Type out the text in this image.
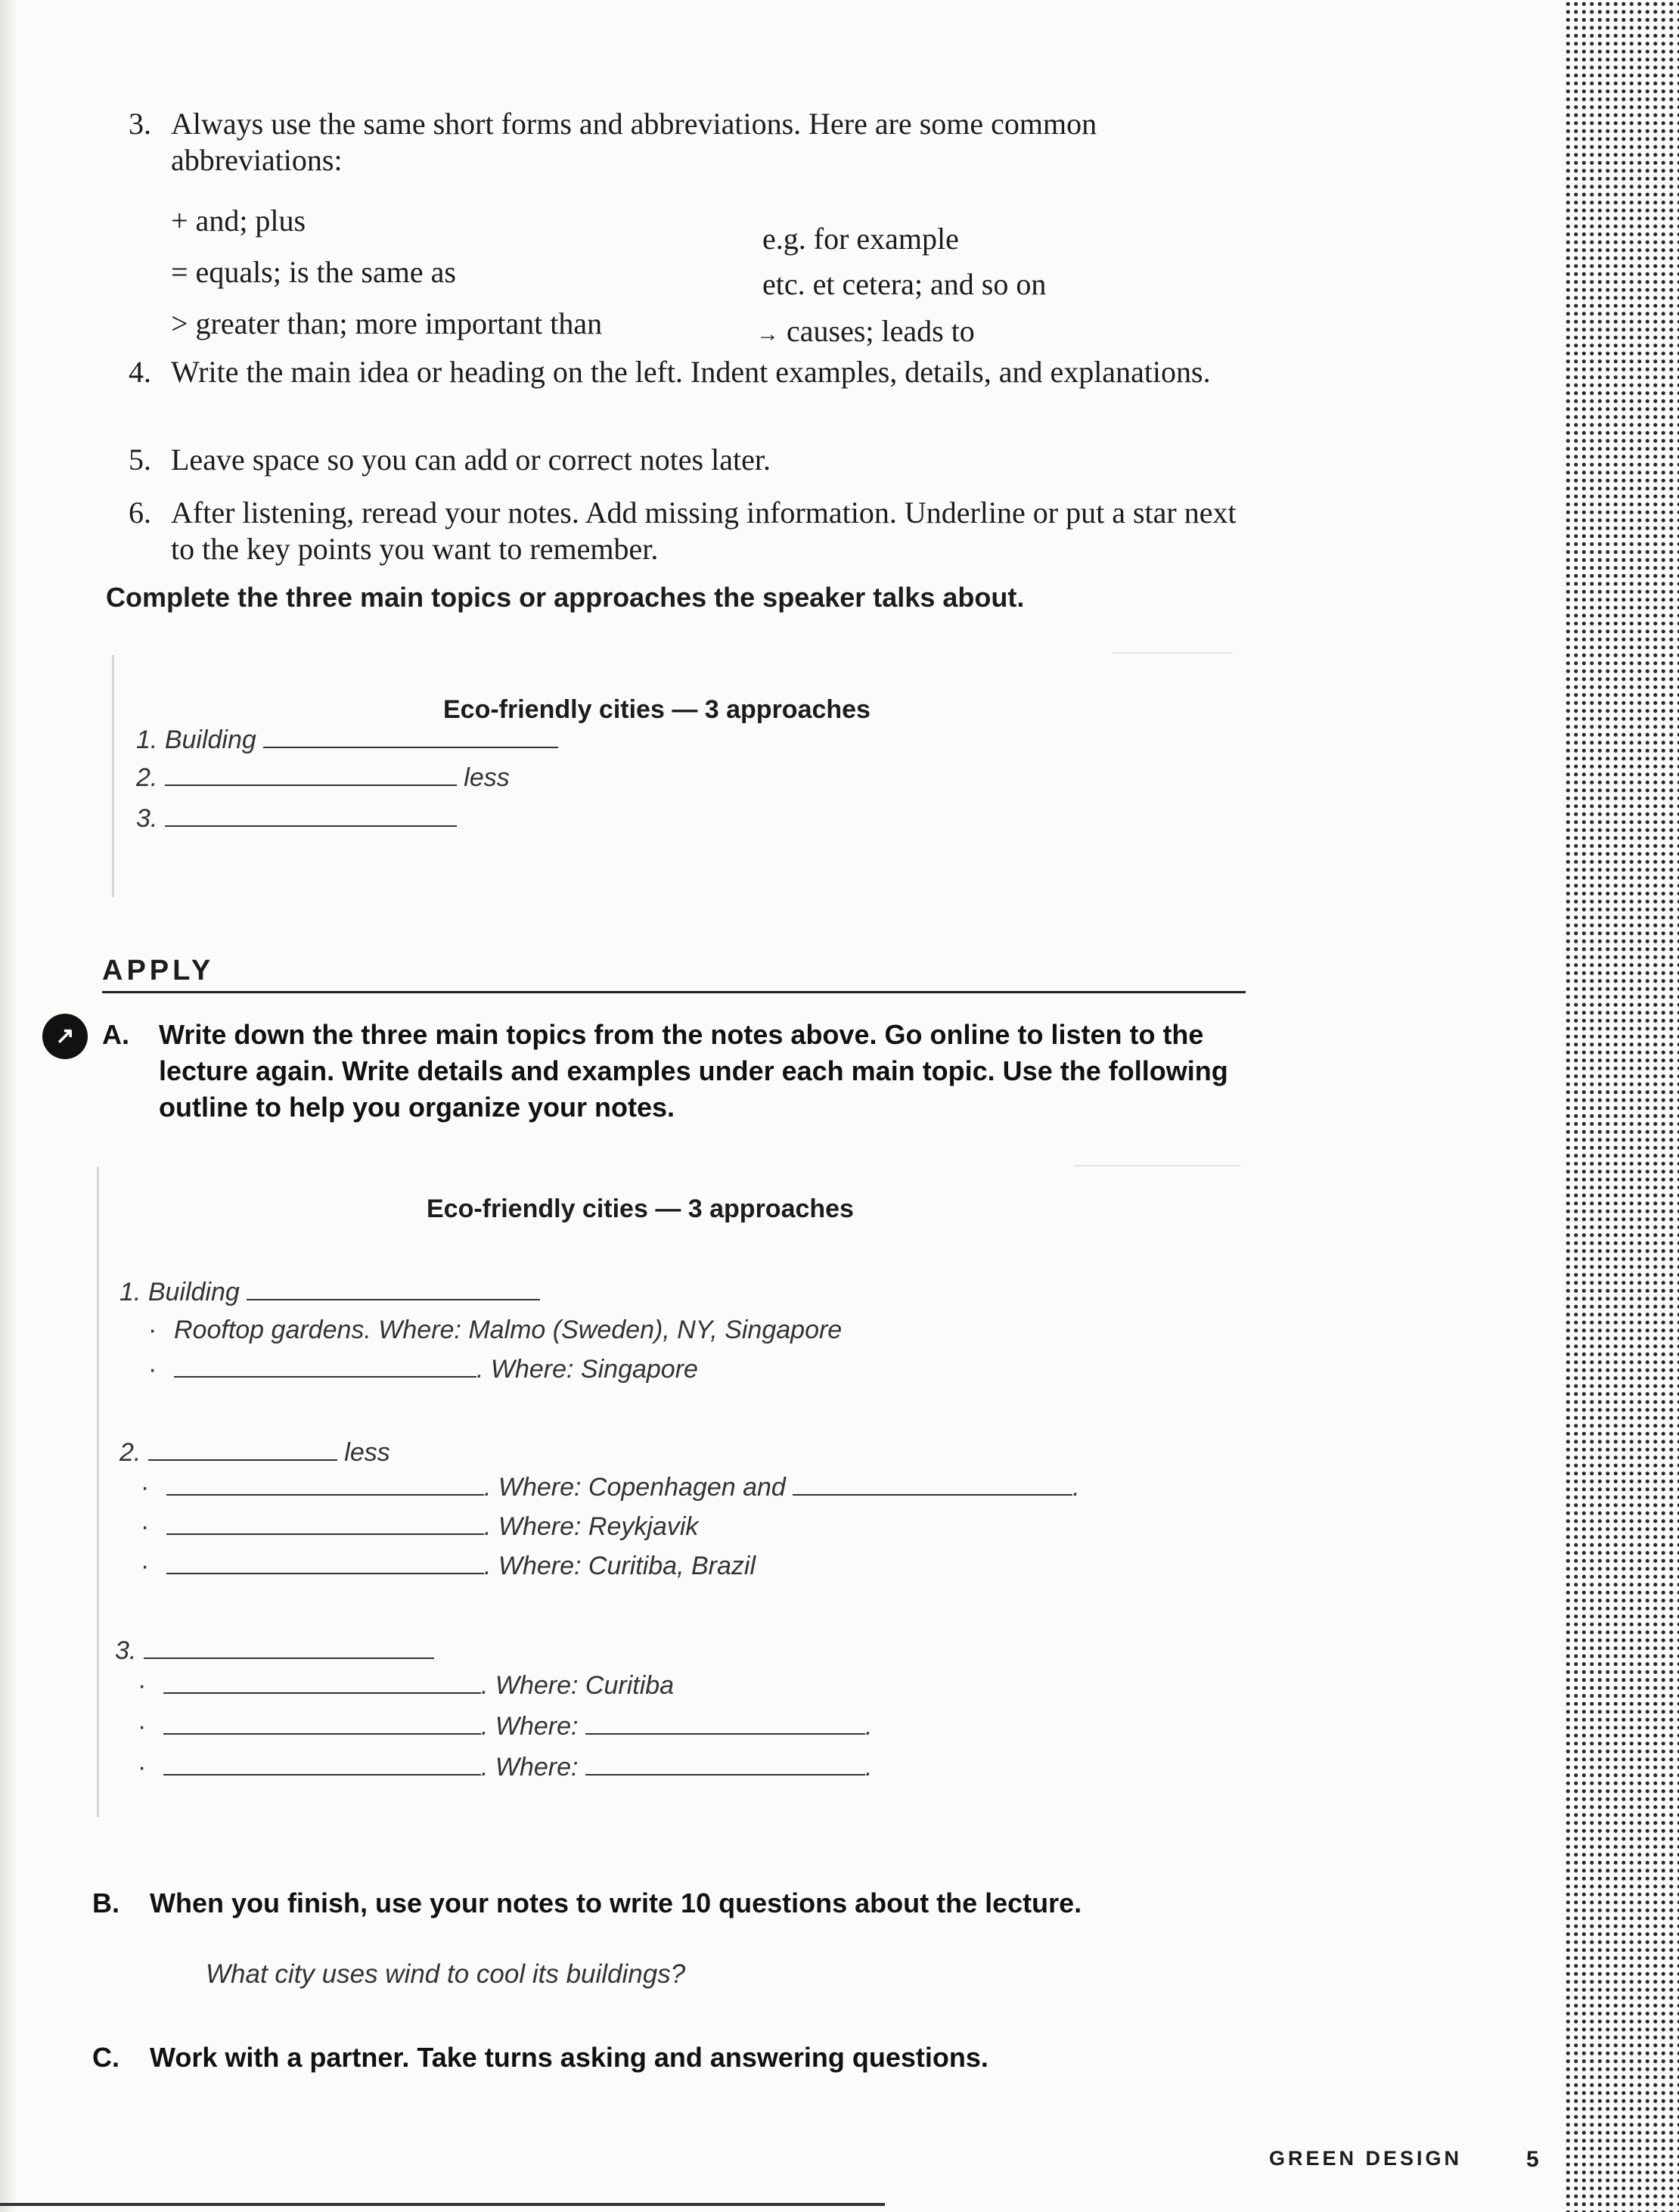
3. Always use the same short forms and abbreviations. Here are some common abbreviations:
+ and; plus
= equals; is the same as
> greater than; more important than
e.g. for example
etc. et cetera; and so on
→ causes; leads to
4. Write the main idea or heading on the left. Indent examples, details, and explanations.
5. Leave space so you can add or correct notes later.
6. After listening, reread your notes. Add missing information. Underline or put a star next to the key points you want to remember.
Complete the three main topics or approaches the speaker talks about.
Eco-friendly cities — 3 approaches
1. Building
2.	less
3.
APPLY
↗	A. Write down the three main topics from the notes above. Go online to listen to the lecture again. Write details and examples under each main topic. Use the following outline to help you organize your notes.
Eco-friendly cities — 3 approaches
1. Building
· Rooftop gardens. Where: Malmo (Sweden), NY, Singapore
·	. Where: Singapore
2.	less
·	. Where: Copenhagen and	.
·	. Where: Reykjavik
·	. Where: Curitiba, Brazil
3.
·	. Where: Curitiba
·	. Where:	.
·	. Where:	.
B. When you finish, use your notes to write 10 questions about the lecture.
What city uses wind to cool its buildings?
C. Work with a partner. Take turns asking and answering questions.
GREEN DESIGN	5
